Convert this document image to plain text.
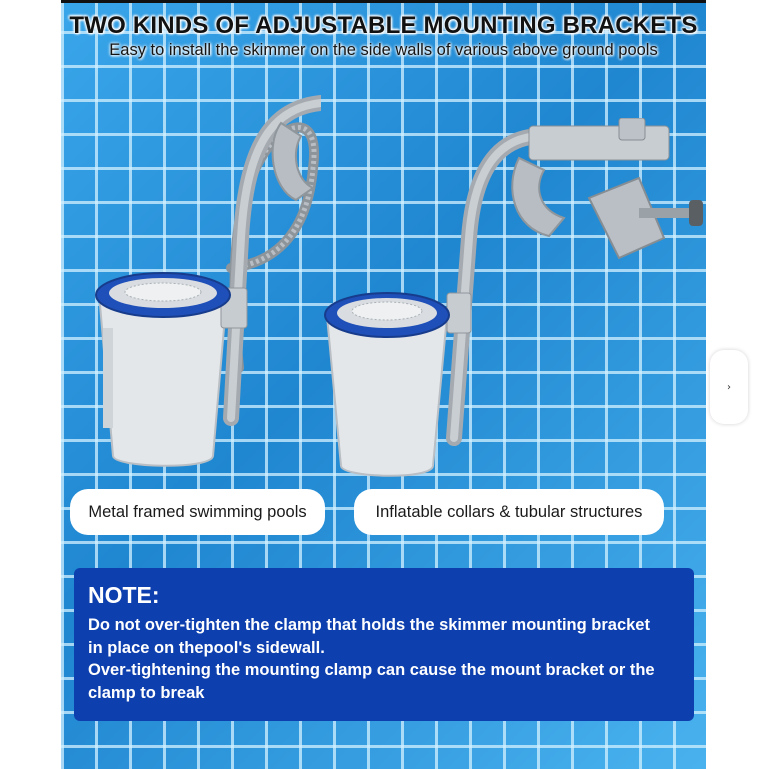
TWO KINDS OF ADJUSTABLE MOUNTING BRACKETS

Easy to install the skimmer on the side walls of various above ground pools

Metal framed swimming pools	Inflatable collars & tubular structures

NOTE:

Do not over-tighten the clamp that holds the skimmer mounting bracket

in place on thepool's sidewall.

Over-tightening the mounting clamp can cause the mount bracket or the

clamp to break

›
